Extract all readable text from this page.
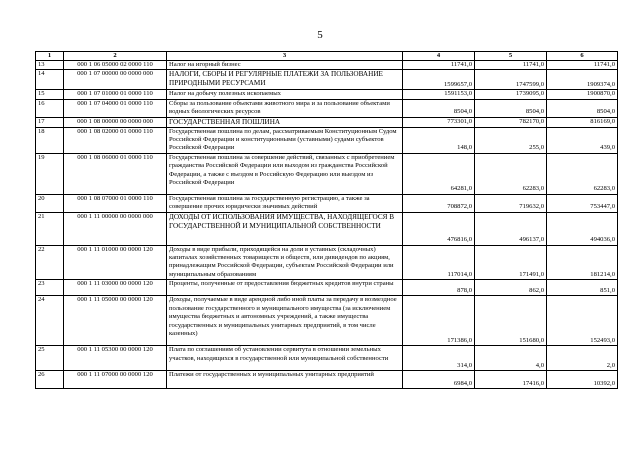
5
1	2	3	4	5	6
13	000 1 06 05000 02 0000 110	Налог на игорный бизнес	11741,0	11741,0	11741,0
14	000 1 07 00000 00 0000 000	НАЛОГИ, СБОРЫ И РЕГУЛЯРНЫЕ ПЛАТЕЖИ ЗА ПОЛЬЗОВАНИЕ ПРИРОДНЫМИ РЕСУРСАМИ	1599657,0	1747599,0	1909374,0
15	000 1 07 01000 01 0000 110	Налог на добычу полезных ископаемых	1591153,0	1739095,0	1900870,0
16	000 1 07 04000 01 0000 110	Сборы за пользование объектами животного мира и за пользование объектами водных биологических ресурсов	8504,0	8504,0	8504,0
17	000 1 08 00000 00 0000 000	ГОСУДАРСТВЕННАЯ ПОШЛИНА	773301,0	782170,0	816169,0
18	000 1 08 02000 01 0000 110	Государственная пошлина по делам, рассматриваемым Конституционным Судом Российской Федерации и конституционными (уставными) судами субъектов Российской Федерации	148,0	255,0	439,0
19	000 1 08 06000 01 0000 110	Государственная пошлина за совершение действий, связанных с приобретением гражданства Российской Федерации или выходом из гражданства Российской Федерации, а также с въездом в Российскую Федерацию или выездом из Российской Федерации	64281,0	62283,0	62283,0
20	000 1 08 07000 01 0000 110	Государственная пошлина за государственную регистрацию, а также за совершение прочих юридически значимых действий	708872,0	719632,0	753447,0
21	000 1 11 00000 00 0000 000	ДОХОДЫ ОТ ИСПОЛЬЗОВАНИЯ ИМУЩЕСТВА, НАХОДЯЩЕГОСЯ В ГОСУДАРСТВЕННОЙ И МУНИЦИПАЛЬНОЙ СОБСТВЕННОСТИ	476816,0	496137,0	494036,0
22	000 1 11 01000 00 0000 120	Доходы в виде прибыли, приходящейся на доли в уставных (складочных) капиталах хозяйственных товариществ и обществ, или дивидендов по акциям, принадлежащим Российской Федерации, субъектам Российской Федерации или муниципальным образованиям	117014,0	171491,0	181214,0
23	000 1 11 03000 00 0000 120	Проценты, полученные от предоставления бюджетных кредитов внутри страны	878,0	862,0	851,0
24	000 1 11 05000 00 0000 120	Доходы, получаемые в виде арендной либо иной платы за передачу в возмездное пользование государственного и муниципального имущества (за исключением имущества бюджетных и автономных учреждений, а также имущества государственных и муниципальных унитарных предприятий, в том числе казенных)	171386,0	151680,0	152493,0
25	000 1 11 05300 00 0000 120	Плата по соглашениям об установлении сервитута в отношении земельных участков, находящихся в государственной или муниципальной собственности	314,0	4,0	2,0
26	000 1 11 07000 00 0000 120	Платежи от государственных и муниципальных унитарных предприятий	6984,0	17416,0	10392,0
